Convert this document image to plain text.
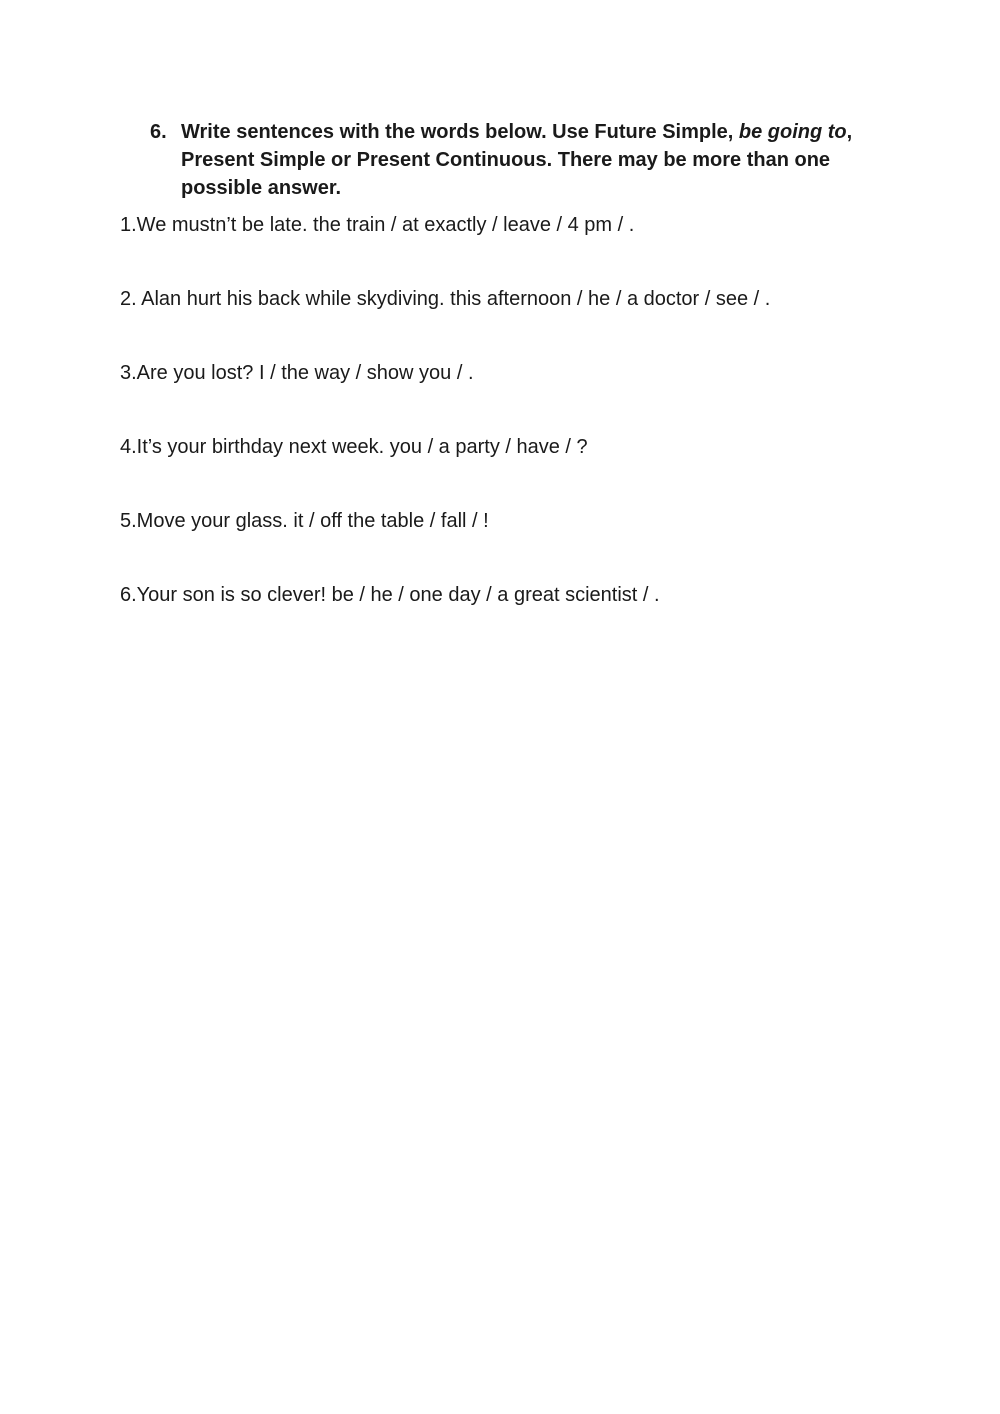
6. Write sentences with the words below. Use Future Simple, be going to, Present Simple or Present Continuous. There may be more than one possible answer.
1.We mustn’t be late. the train / at exactly / leave / 4 pm / .
2. Alan hurt his back while skydiving. this afternoon / he / a doctor / see / .
3.Are you lost? I / the way / show you / .
4.It’s your birthday next week. you / a party / have / ?
5.Move your glass. it / off the table / fall / !
6.Your son is so clever! be / he / one day / a great scientist / .
